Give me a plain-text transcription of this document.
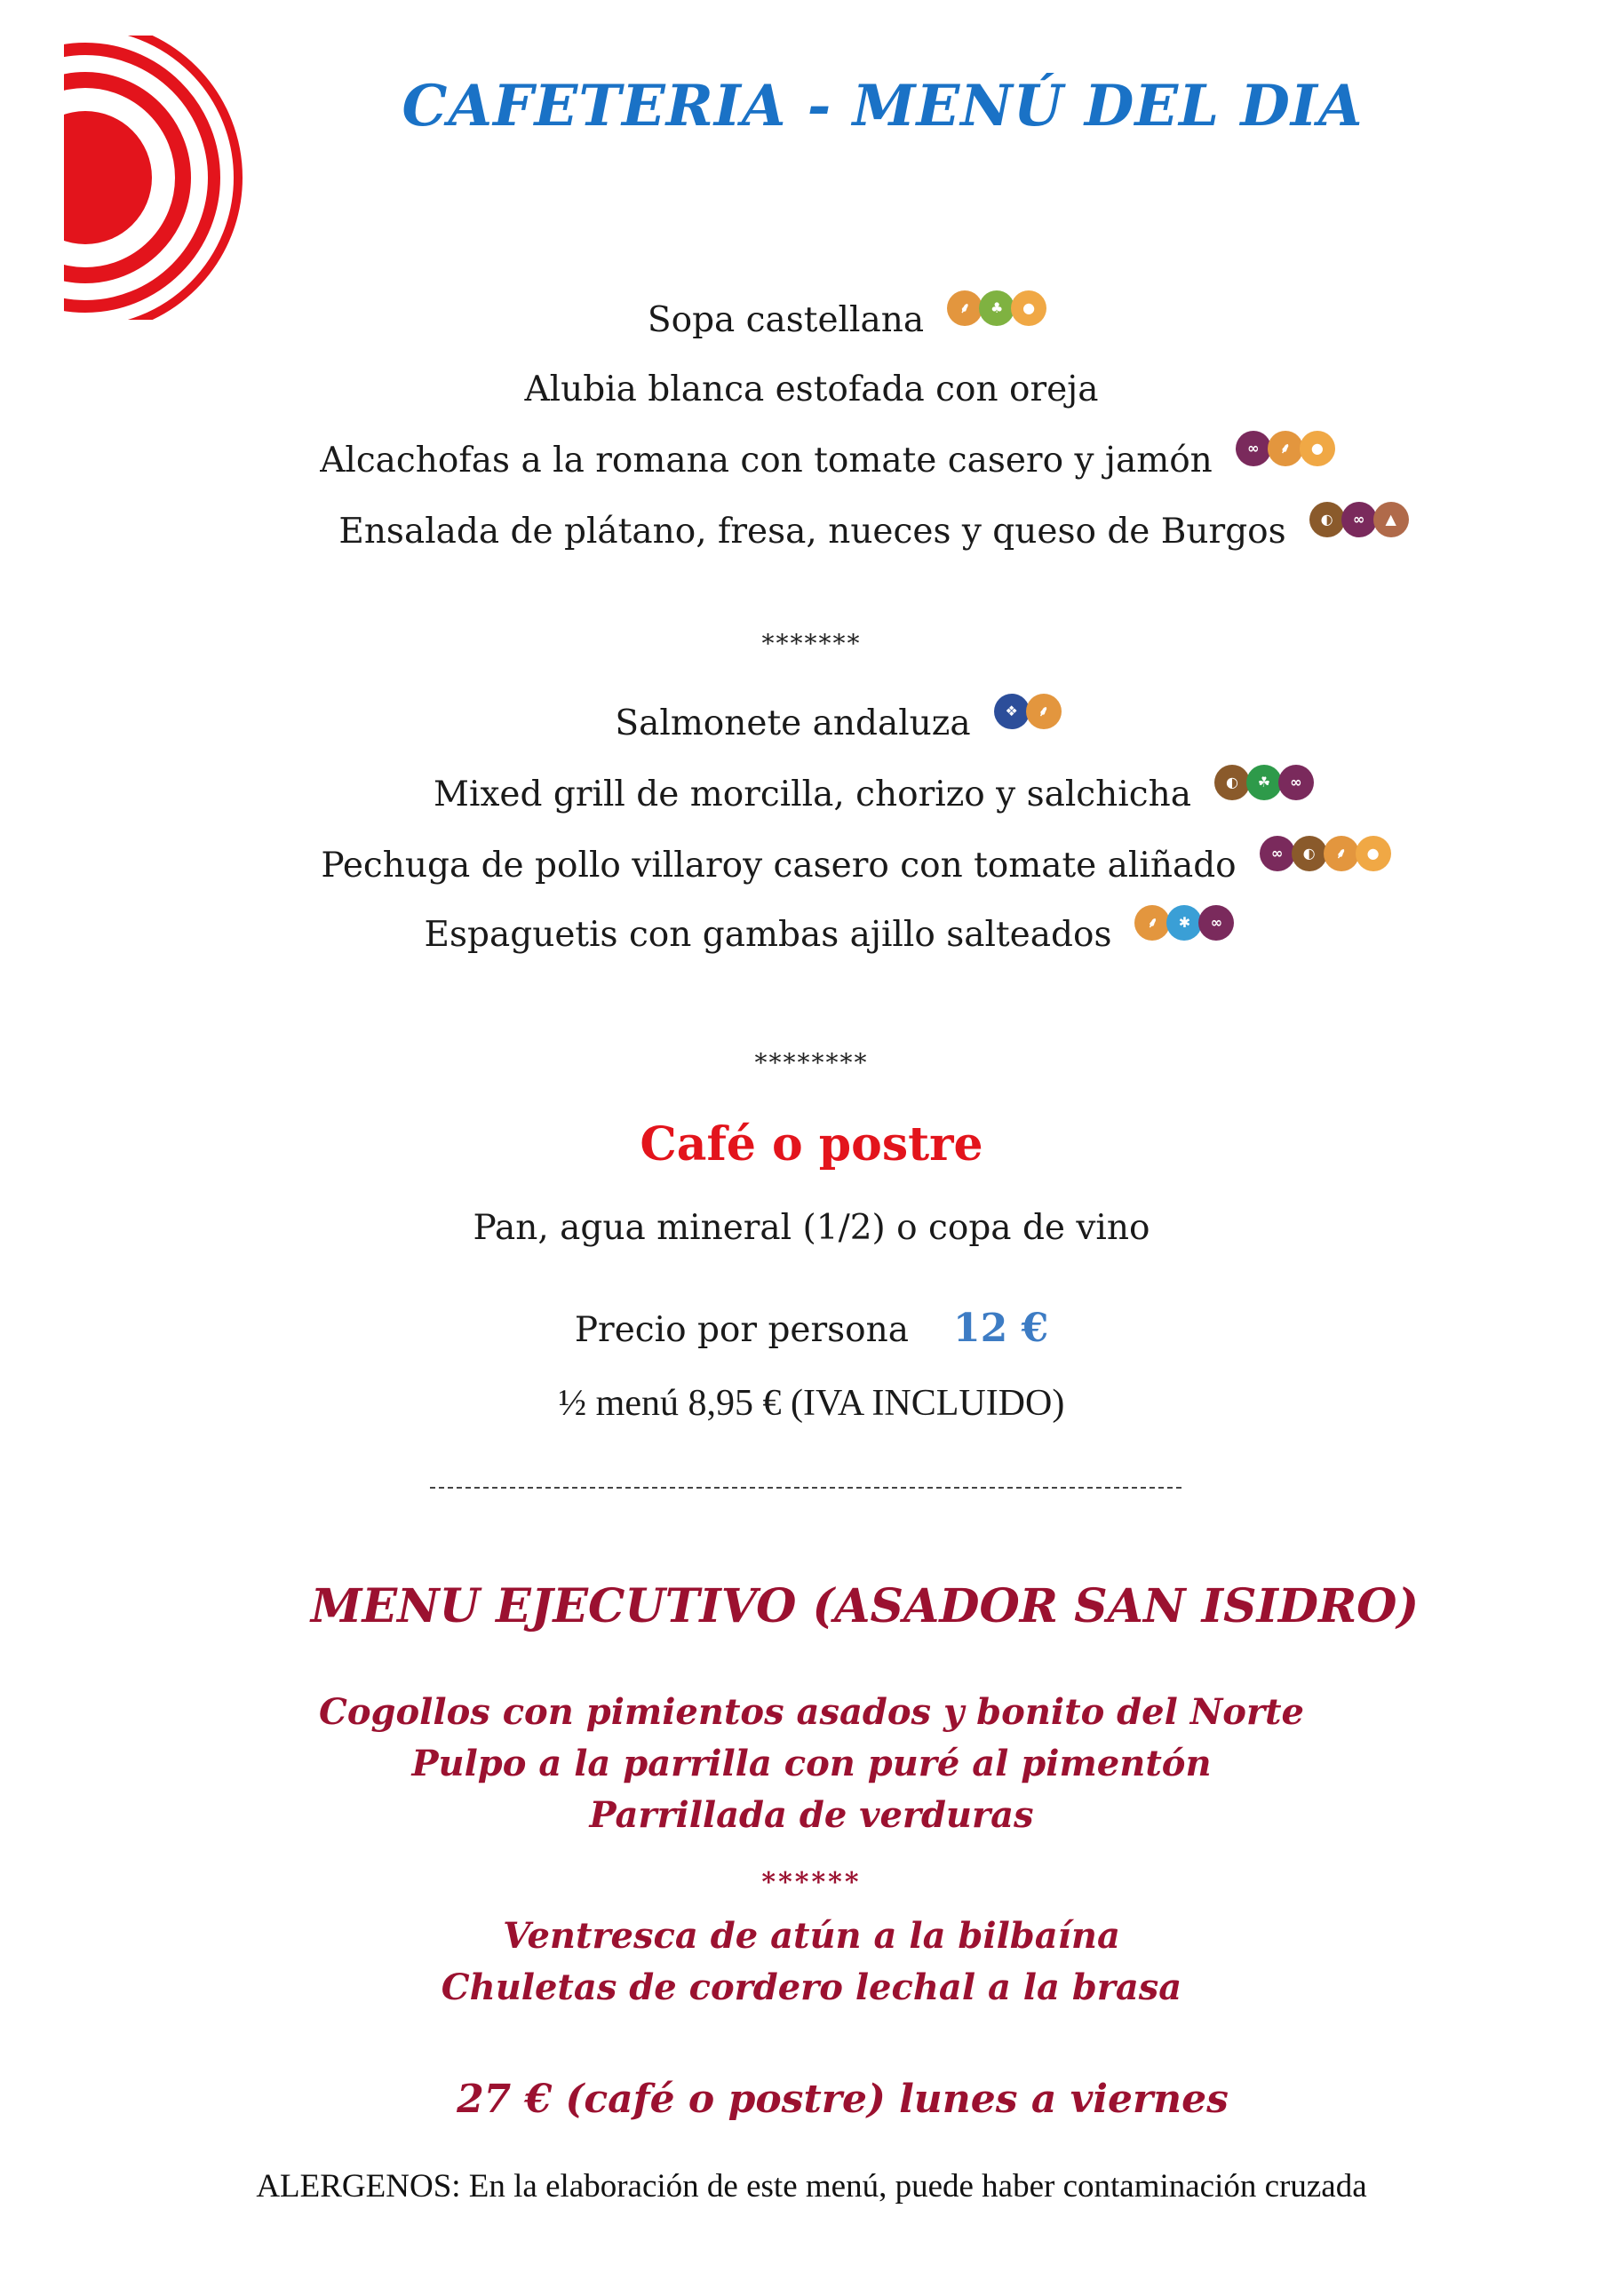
CAFETERIA - MENÚ DEL DIA
Sopa castellana ⸙ ♣ ●
Alubia blanca estofada con oreja
Alcachofas a la romana con tomate casero y jamón ∞ ⸙ ●
Ensalada de plátano, fresa, nueces y queso de Burgos ◐ ∞ ▲
*******
Salmonete andaluza ❖ ⸙
Mixed grill de morcilla, chorizo y salchicha ◐ ☘ ∞
Pechuga de pollo villaroy casero con tomate aliñado ∞ ◐ ⸙ ●
Espaguetis con gambas ajillo salteados ⸙ ✱ ∞
********
Café o postre
Pan, agua mineral (1/2) o copa de vino
Precio por persona 12 €
½ menú 8,95 € (IVA INCLUIDO)
MENU EJECUTIVO (ASADOR SAN ISIDRO)
Cogollos con pimientos asados y bonito del Norte
Pulpo a la parrilla con puré al pimentón
Parrillada de verduras
******
Ventresca de atún a la bilbaína
Chuletas de cordero lechal a la brasa
27 € (café o postre) lunes a viernes
ALERGENOS: En la elaboración de este menú, puede haber contaminación cruzada
